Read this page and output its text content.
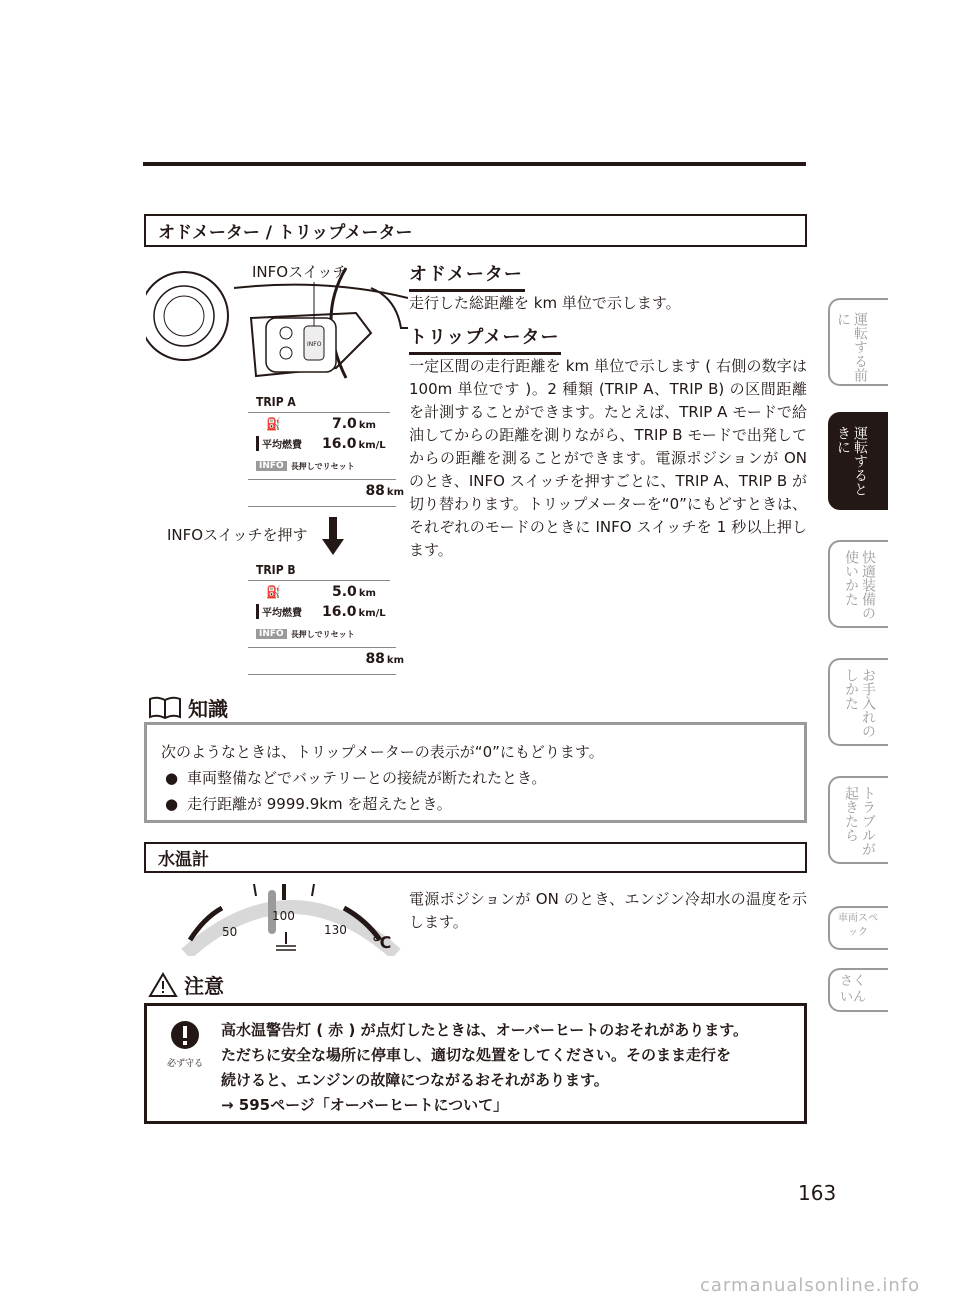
オドメーター / トリップメーター
INFO
INFOスイッチ
TRIP A
⛽	7.0 km
平均燃費	16.0 km/L
INFO 長押しでリセット
88 km
INFOスイッチを押す
TRIP B
⛽	5.0 km
平均燃費	16.0 km/L
INFO 長押しでリセット
88 km
オドメーター
走行した総距離を km 単位で示します。
トリップメーター
一定区間の走行距離を km 単位で示します ( 右側の数字は 100m 単位です )。2 種類 (TRIP A、TRIP B) の区間距離を計測することができます。たとえば、TRIP A モードで給油してからの距離を測りながら、TRIP B モードで出発してからの距離を測ることができます。電源ポジションが ON のとき、INFO スイッチを押すごとに、TRIP A、TRIP B が切り替わります。トリップメーターを“0”にもどすときは、それぞれのモードのときに INFO スイッチを 1 秒以上押します。
知識
次のようなときは、トリップメーターの表示が“0”にもどります。
● 車両整備などでバッテリーとの接続が断たれたとき。
● 走行距離が 9999.9km を超えたとき。
水温計
50
100
130
℃
電源ポジションが ON のとき、エンジン冷却水の温度を示します。
注意
必ず守る
高水温警告灯 ( 赤 ) が点灯したときは、オーバーヒートのおそれがあります。
ただちに安全な場所に停車し、適切な処置をしてください。そのまま走行を
続けると、エンジンの故障につながるおそれがあります。
→ 595ページ「オーバーヒートについて」
運転する前に
運転するときに
快適装備の使いかた
お手入れのしかた
トラブルが起きたら
車両スペック
さくいん
163
carmanualsonline.info
